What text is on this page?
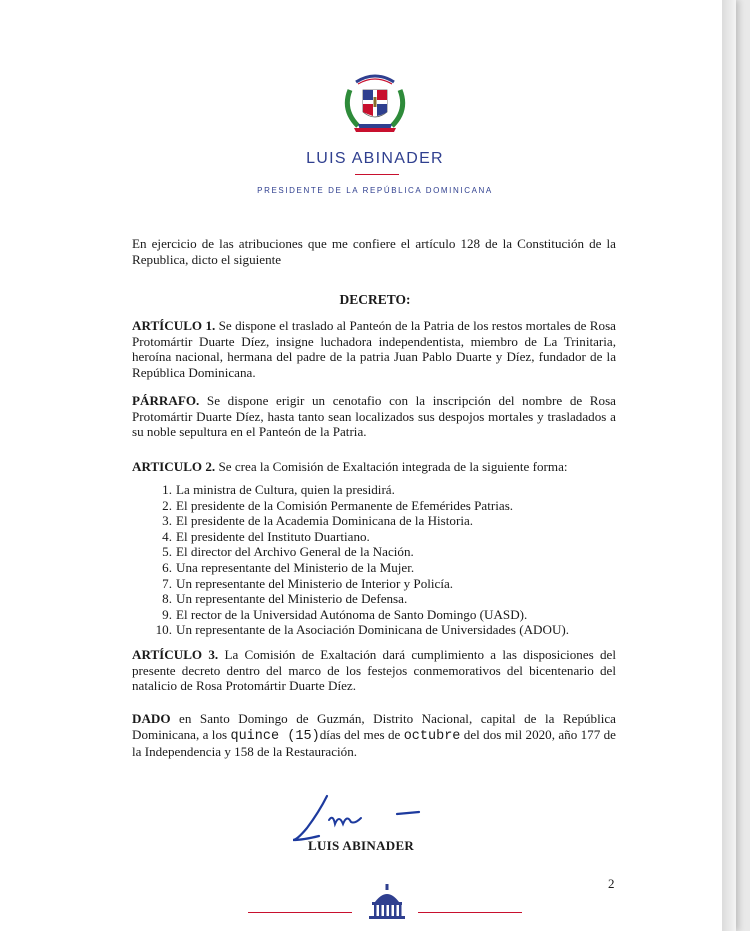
LUIS ABINADER
PRESIDENTE DE LA REPÚBLICA DOMINICANA
En ejercicio de las atribuciones que me confiere el artículo 128 de la Constitución de la Republica, dicto el siguiente
DECRETO:
ARTÍCULO 1. Se dispone el traslado al Panteón de la Patria de los restos mortales de Rosa Protomártir Duarte Díez, insigne luchadora independentista, miembro de La Trinitaria, heroína nacional, hermana del padre de la patria Juan Pablo Duarte y Díez, fundador de la República Dominicana.
PÁRRAFO. Se dispone erigir un cenotafio con la inscripción del nombre de Rosa Protomártir Duarte Díez, hasta tanto sean localizados sus despojos mortales y trasladados a su noble sepultura en el Panteón de la Patria.
ARTICULO 2. Se crea la Comisión de Exaltación integrada de la siguiente forma:
1. La ministra de Cultura, quien la presidirá.
2. El presidente de la Comisión Permanente de Efemérides Patrias.
3. El presidente de la Academia Dominicana de la Historia.
4. El presidente del Instituto Duartiano.
5. El director del Archivo General de la Nación.
6. Una representante del Ministerio de la Mujer.
7. Un representante del Ministerio de Interior y Policía.
8. Un representante del Ministerio de Defensa.
9. El rector de la Universidad Autónoma de Santo Domingo (UASD).
10. Un representante de la Asociación Dominicana de Universidades (ADOU).
ARTÍCULO 3. La Comisión de Exaltación dará cumplimiento a las disposiciones del presente decreto dentro del marco de los festejos conmemorativos del bicentenario del natalicio de Rosa Protomártir Duarte Díez.
DADO en Santo Domingo de Guzmán, Distrito Nacional, capital de la República Dominicana, a los quince (15)días del mes de octubre del dos mil 2020, año 177 de la Independencia y 158 de la Restauración.
LUIS ABINADER
2
